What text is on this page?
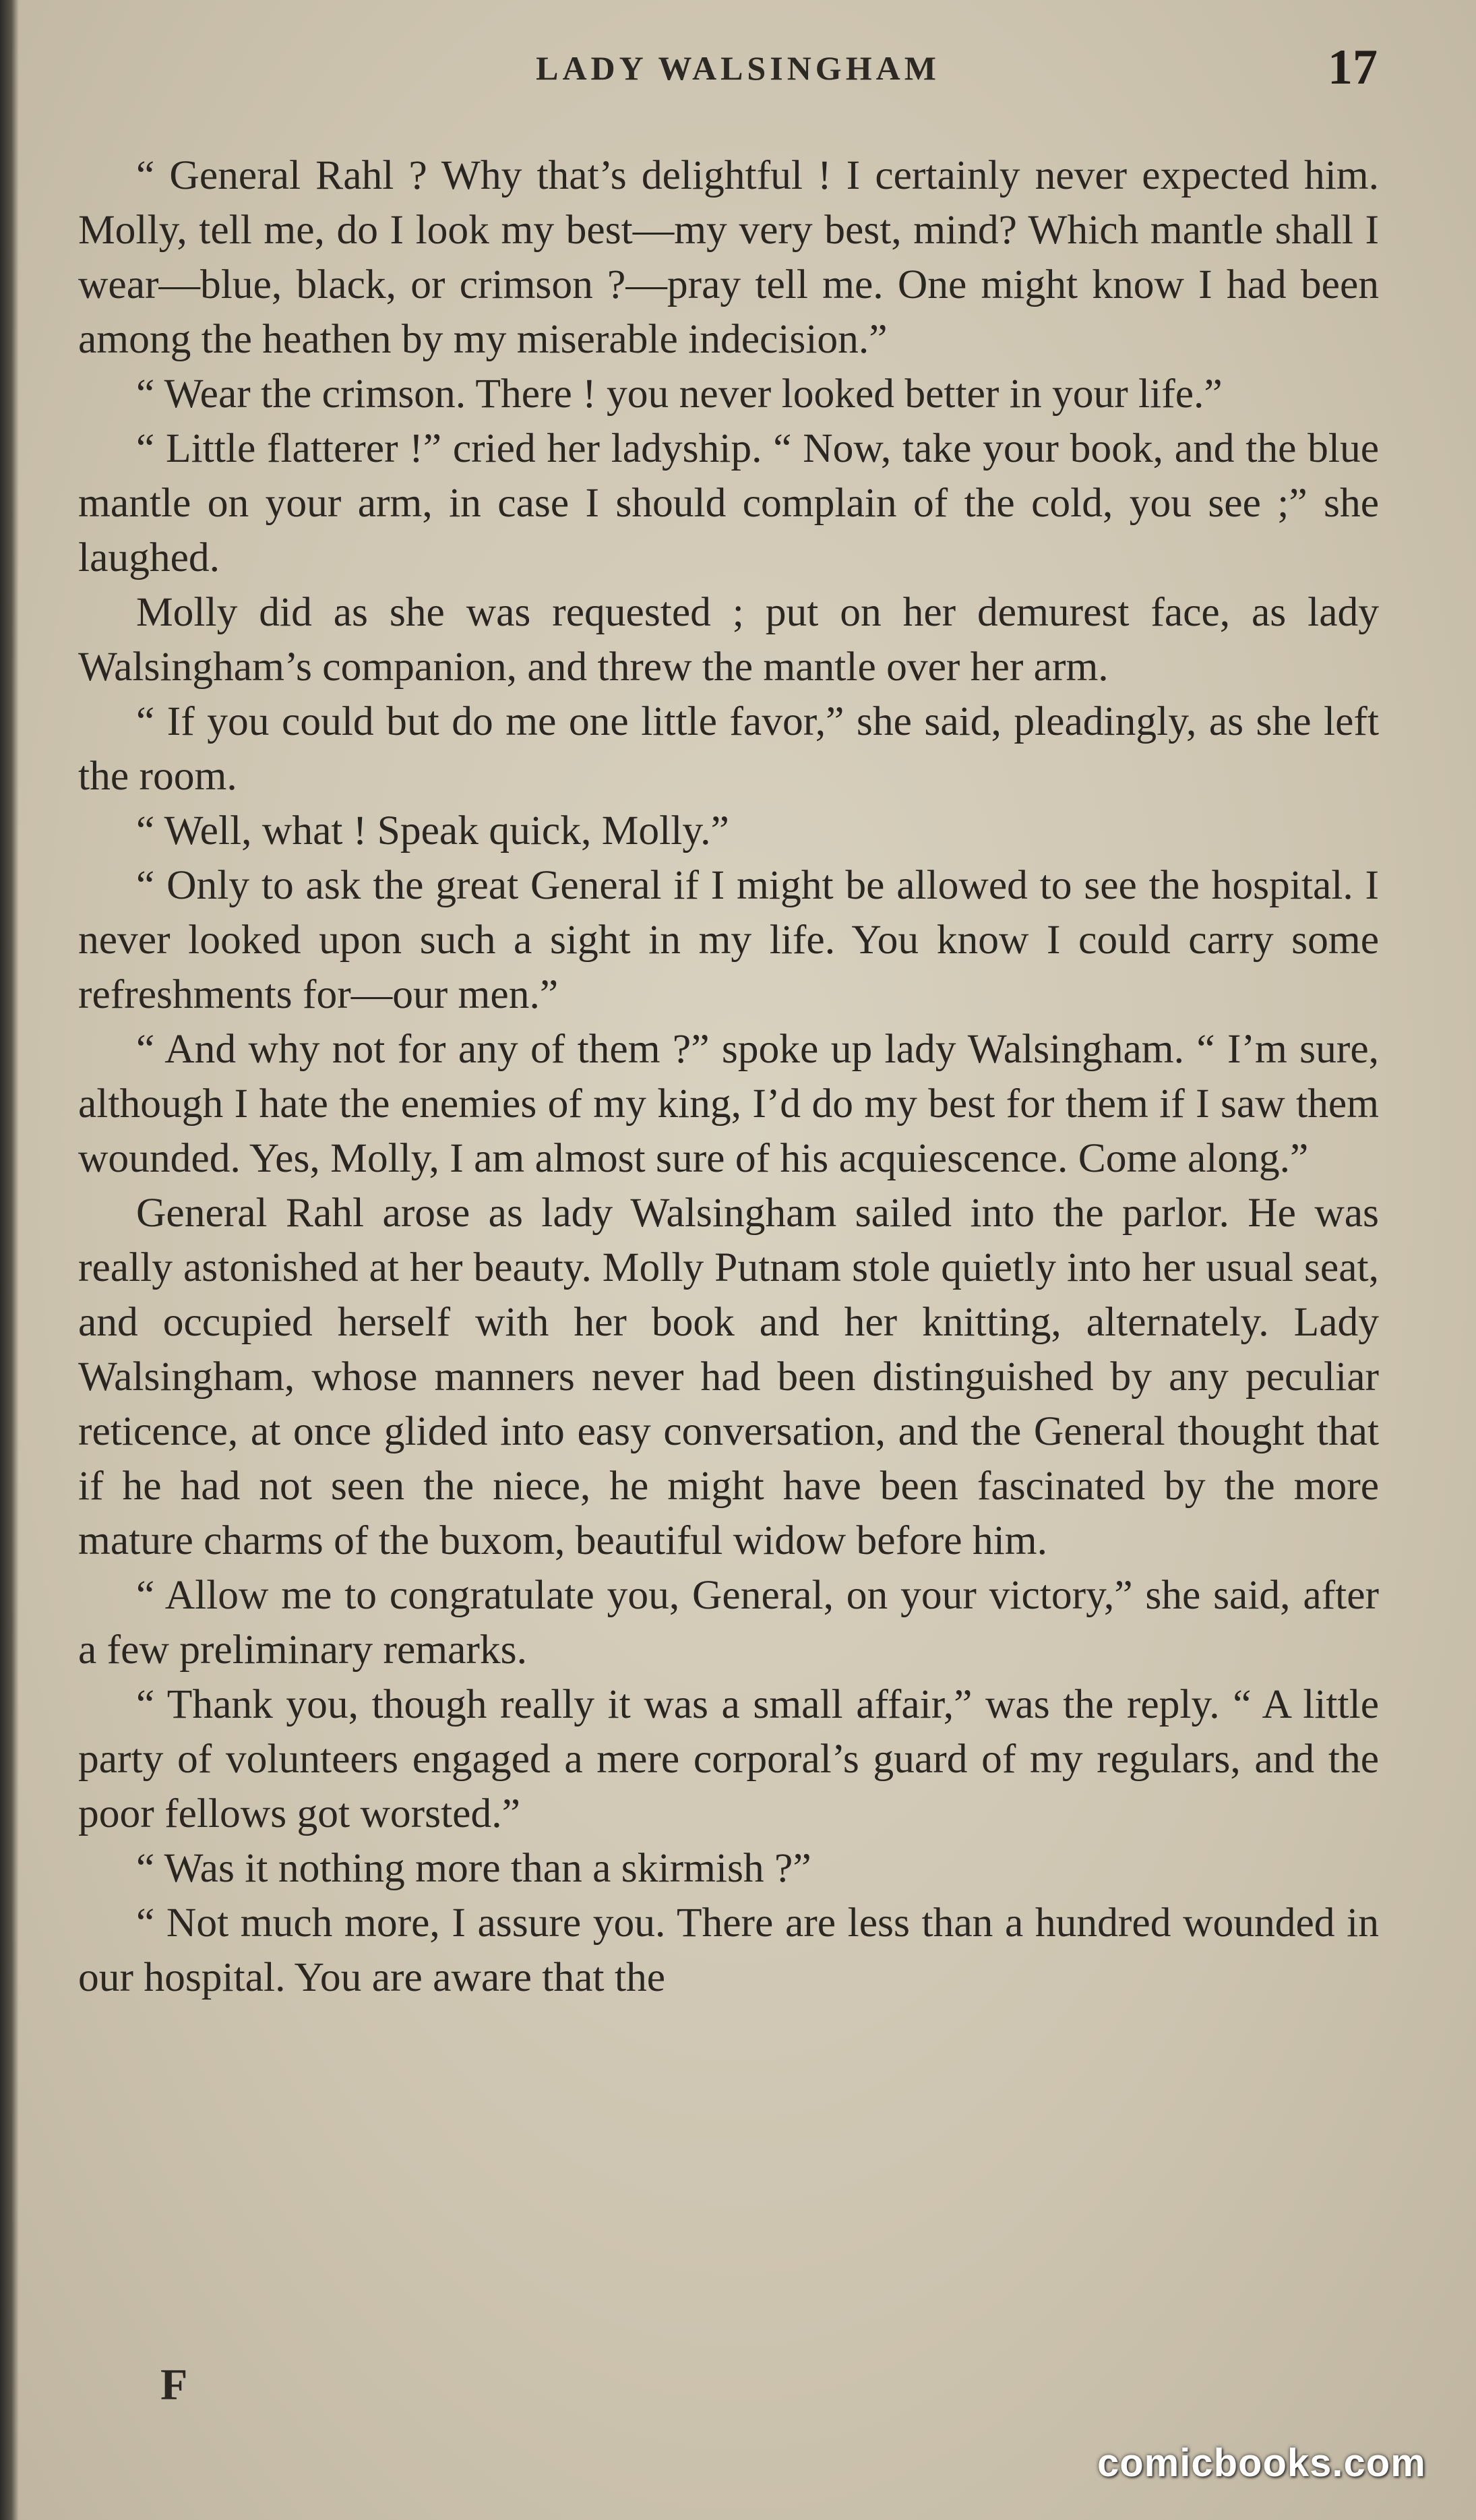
LADY WALSINGHAM	17

“ General Rahl ? Why that’s delightful ! I certainly never expected him. Molly, tell me, do I look my best—my very best, mind? Which mantle shall I wear—blue, black, or crimson ?—pray tell me. One might know I had been among the heathen by my miserable indecision.”

“ Wear the crimson. There ! you never looked better in your life.”

“ Little flatterer !” cried her ladyship. “ Now, take your book, and the blue mantle on your arm, in case I should complain of the cold, you see ;” she laughed.

Molly did as she was requested ; put on her demurest face, as lady Walsingham’s companion, and threw the mantle over her arm.

“ If you could but do me one little favor,” she said, pleadingly, as she left the room.

“ Well, what ! Speak quick, Molly.”

“ Only to ask the great General if I might be allowed to see the hospital. I never looked upon such a sight in my life. You know I could carry some refreshments for—our men.”

“ And why not for any of them ?” spoke up lady Walsingham. “ I’m sure, although I hate the enemies of my king, I’d do my best for them if I saw them wounded. Yes, Molly, I am almost sure of his acquiescence. Come along.”

General Rahl arose as lady Walsingham sailed into the parlor. He was really astonished at her beauty. Molly Putnam stole quietly into her usual seat, and occupied herself with her book and her knitting, alternately. Lady Walsingham, whose manners never had been distinguished by any peculiar reticence, at once glided into easy conversation, and the General thought that if he had not seen the niece, he might have been fascinated by the more mature charms of the buxom, beautiful widow before him.

“ Allow me to congratulate you, General, on your victory,” she said, after a few preliminary remarks.

“ Thank you, though really it was a small affair,” was the reply. “ A little party of volunteers engaged a mere corporal’s guard of my regulars, and the poor fellows got worsted.”

“ Was it nothing more than a skirmish ?”

“ Not much more, I assure you. There are less than a hundred wounded in our hospital. You are aware that the

F
comicbooks.com
